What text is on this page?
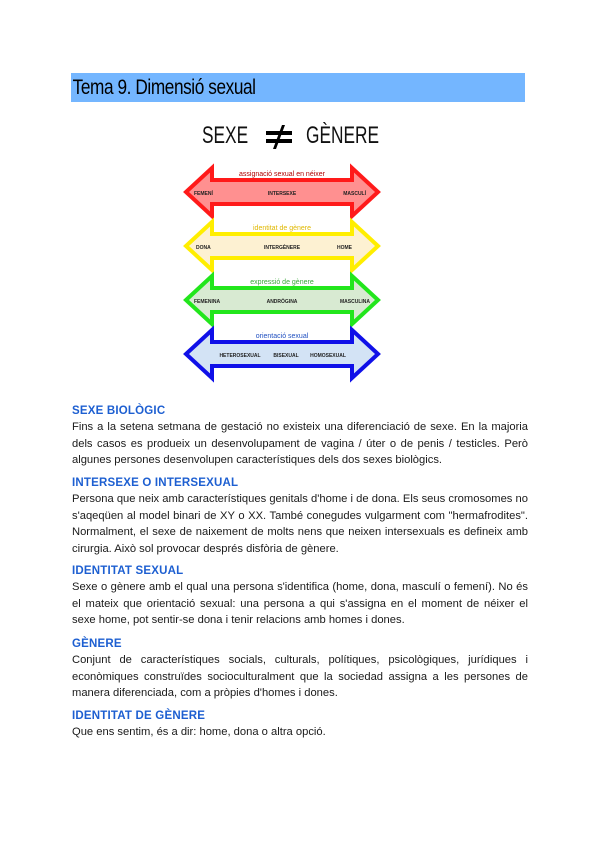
Tema 9. Dimensió sexual
SEXE GÈNERE
assignació sexual en néixer
FEMENÍ	INTERSEXE	MASCULÍ
identitat de gènere
DONA	INTERGÈNERE	HOME
expressió de gènere
FEMENINA	ANDRÒGINA	MASCULINA
orientació sexual
HETEROSEXUAL	BISEXUAL HOMOSEXUAL
SEXE BIOLÒGIC

Fins a la setena setmana de gestació no existeix una diferenciació de sexe. En la majoria dels casos es produeix un desenvolupament de vagina / úter o de penis / testicles. Però algunes persones desenvolupen característiques dels dos sexes biològics.

INTERSEXE O INTERSEXUAL

Persona que neix amb característiques genitals d'home i de dona. Els seus cromosomes no s'aqeqüen al model binari de XY o XX. També conegudes vulgarment com "hermafrodites". Normalment, el sexe de naixement de molts nens que neixen intersexuals es defineix amb cirurgia. Això sol provocar després disfòria de gènere.

IDENTITAT SEXUAL

Sexe o gènere amb el qual una persona s'identifica (home, dona, masculí o femení). No és el mateix que orientació sexual: una persona a qui s'assigna en el moment de néixer el sexe home, pot sentir-se dona i tenir relacions amb homes i dones.

GÈNERE

Conjunt de característiques socials, culturals, polítiques, psicològiques, jurídiques i econòmiques construïdes socioculturalment que la sociedad assigna a les persones de manera diferenciada, com a pròpies d'homes i dones.

IDENTITAT DE GÈNERE

Que ens sentim, és a dir: home, dona o altra opció.
